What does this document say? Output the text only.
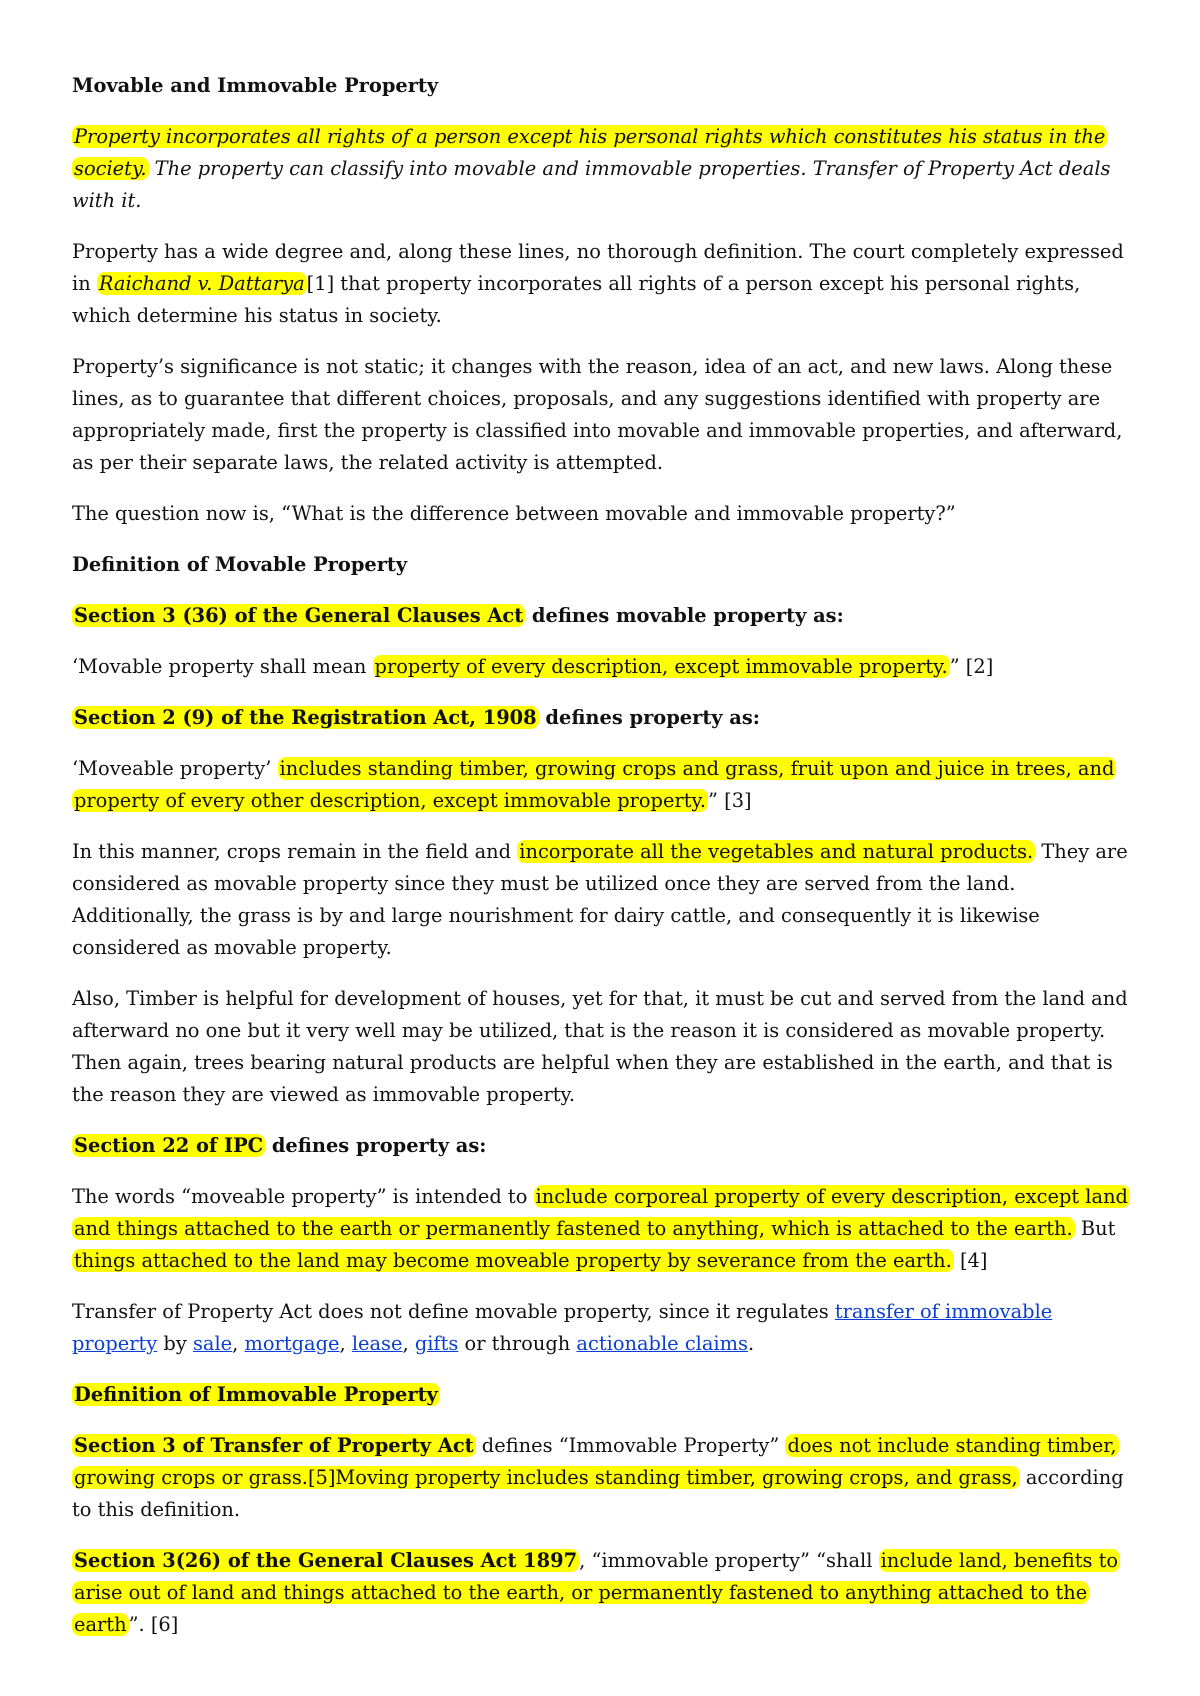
Movable and Immovable Property

Property incorporates all rights of a person except his personal rights which constitutes his status in the society. The property can classify into movable and immovable properties. Transfer of Property Act deals with it.

Property has a wide degree and, along these lines, no thorough definition. The court completely expressed in Raichand v. Dattarya [1] that property incorporates all rights of a person except his personal rights, which determine his status in society.

Property’s significance is not static; it changes with the reason, idea of an act, and new laws. Along these lines, as to guarantee that different choices, proposals, and any suggestions identified with property are appropriately made, first the property is classified into movable and immovable properties, and afterward, as per their separate laws, the related activity is attempted.

The question now is, “What is the difference between movable and immovable property?”

Definition of Movable Property

Section 3 (36) of the General Clauses Act defines movable property as:

‘Movable property shall mean property of every description, except immovable property. ” [2]

Section 2 (9) of the Registration Act, 1908 defines property as:

‘Moveable property’ includes standing timber, growing crops and grass, fruit upon and juice in trees, and property of every other description, except immovable property. ” [3]

In this manner, crops remain in the field and incorporate all the vegetables and natural products. They are considered as movable property since they must be utilized once they are served from the land. Additionally, the grass is by and large nourishment for dairy cattle, and consequently it is likewise considered as movable property.

Also, Timber is helpful for development of houses, yet for that, it must be cut and served from the land and afterward no one but it very well may be utilized, that is the reason it is considered as movable property. Then again, trees bearing natural products are helpful when they are established in the earth, and that is the reason they are viewed as immovable property.

Section 22 of IPC defines property as:

The words “moveable property” is intended to include corporeal property of every description, except land and things attached to the earth or permanently fastened to anything, which is attached to the earth. But things attached to the land may become moveable property by severance from the earth. [4]

Transfer of Property Act does not define movable property, since it regulates transfer of immovable property by sale, mortgage, lease, gifts or through actionable claims.

Definition of Immovable Property

Section 3 of Transfer of Property Act defines “Immovable Property” does not include standing timber, growing crops or grass.[5]Moving property includes standing timber, growing crops, and grass, according to this definition.

Section 3(26) of the General Clauses Act 1897 , “immovable property” “shall include land, benefits to arise out of land and things attached to the earth, or permanently fastened to anything attached to the earth ”. [6]
